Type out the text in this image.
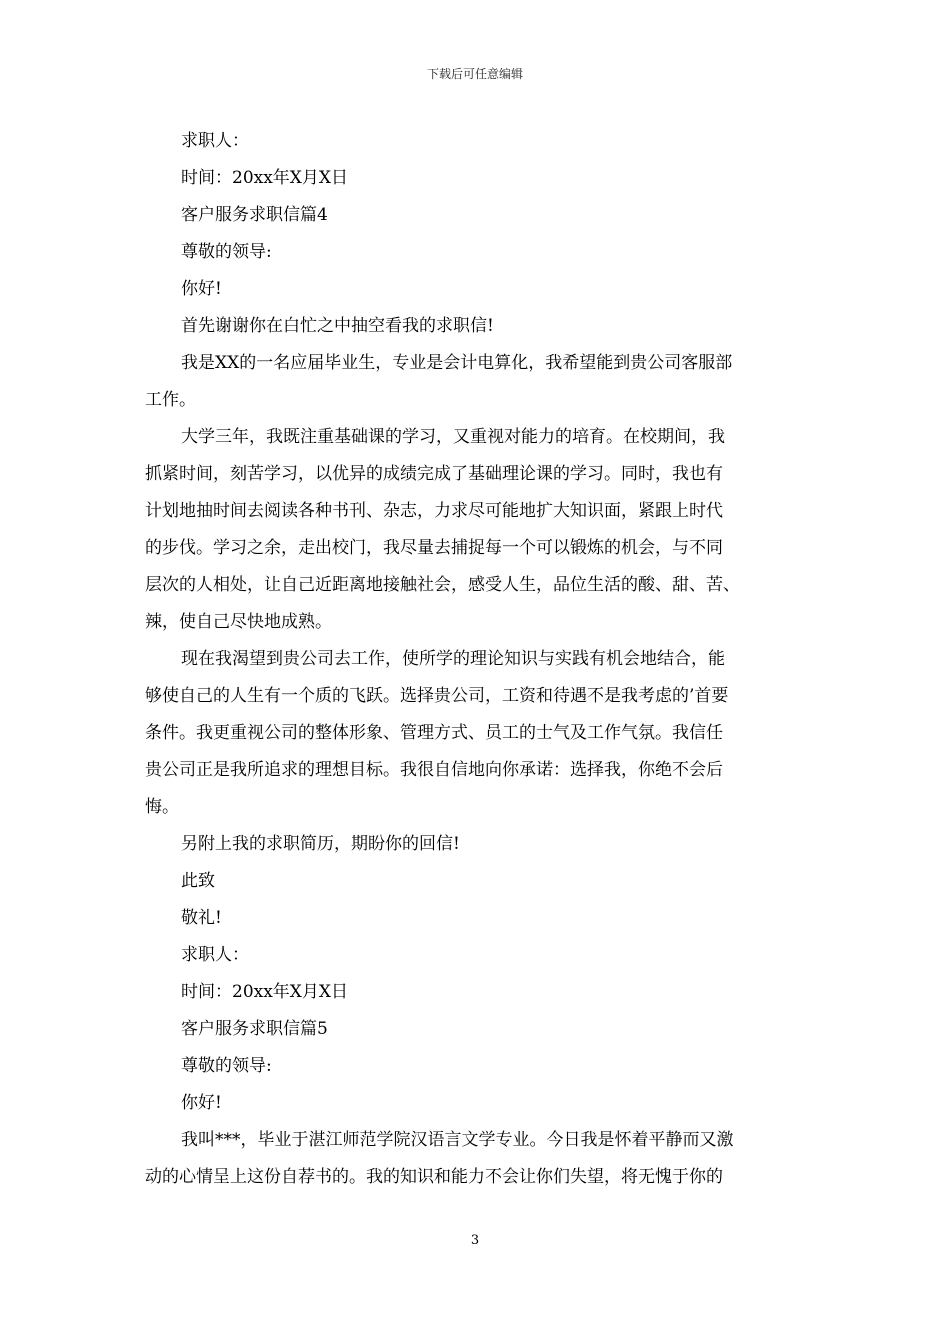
下载后可任意编辑
求职人：
时间：20xx年X月X日
客户服务求职信篇4
尊敬的领导:
你好!
首先谢谢你在白忙之中抽空看我的求职信!
我是XX的一名应届毕业生，专业是会计电算化，我希望能到贵公司客服部
工作。
大学三年，我既注重基础课的学习，又重视对能力的培育。在校期间，我
抓紧时间，刻苦学习，以优异的成绩完成了基础理论课的学习。同时，我也有
计划地抽时间去阅读各种书刊、杂志，力求尽可能地扩大知识面，紧跟上时代
的步伐。学习之余，走出校门，我尽量去捕捉每一个可以锻炼的机会，与不同
层次的人相处，让自己近距离地接触社会，感受人生，品位生活的酸、甜、苦、
辣，使自己尽快地成熟。
现在我渴望到贵公司去工作，使所学的理论知识与实践有机会地结合，能
够使自己的人生有一个质的飞跃。选择贵公司，工资和待遇不是我考虑的’首要
条件。我更重视公司的整体形象、管理方式、员工的士气及工作气氛。我信任
贵公司正是我所追求的理想目标。我很自信地向你承诺：选择我，你绝不会后
悔。
另附上我的求职简历，期盼你的回信!
此致
敬礼!
求职人：
时间：20xx年X月X日
客户服务求职信篇5
尊敬的领导:
你好!
我叫***，毕业于湛江师范学院汉语言文学专业。今日我是怀着平静而又激
动的心情呈上这份自荐书的。我的知识和能力不会让你们失望，将无愧于你的
3
